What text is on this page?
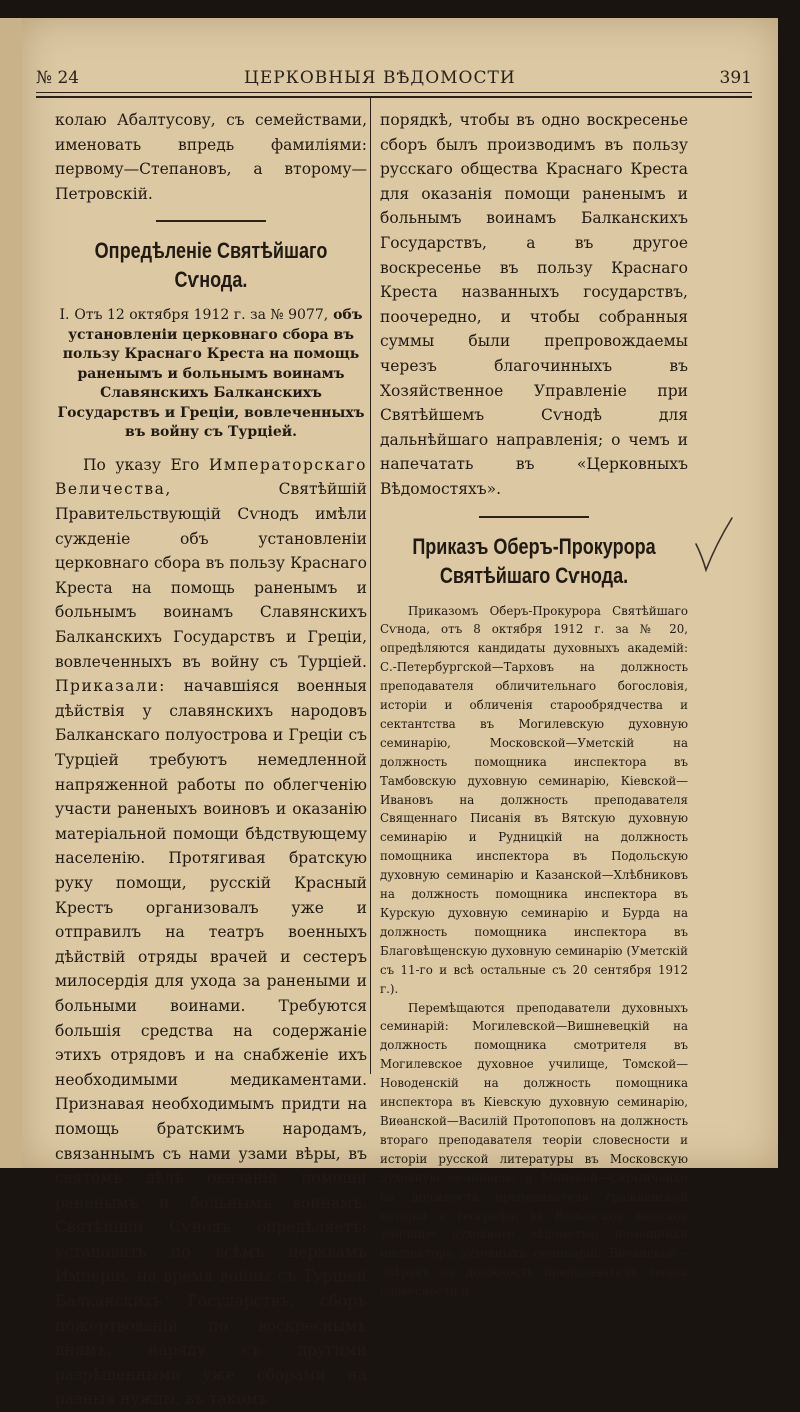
№ 24	ЦЕРКОВНЫЯ ВѢДОМОСТИ	391

колаю Абалтусову, съ семействами, именовать впредь фамиліями: первому—Степановъ, а второму—Петровскій.

Опредѣленіе Святѣйшаго Сѵнода.

I. Отъ 12 октября 1912 г. за № 9077, объ установленіи церковнаго сбора въ пользу Краснаго Креста на помощь раненымъ и больнымъ воинамъ Славянскихъ Балканскихъ Государствъ и Греціи, вовлеченныхъ въ войну съ Турціей.

По указу Его Императорскаго Величества,	Святѣйшій Правительствующій Сѵнодъ имѣли сужденіе объ установленіи церковнаго сбора въ пользу Краснаго Креста на помощь раненымъ и больнымъ воинамъ Славянскихъ Балканскихъ Государствъ и Греціи, вовлеченныхъ въ войну съ Турціей. Приказали: начавшіяся военныя дѣйствія у славянскихъ народовъ Балканскаго полуострова и Греціи съ Турціей требуютъ немедленной напряженной работы по облегченію участи раненыхъ воиновъ и оказанію матеріальной помощи бѣдствующему населенію. Протягивая братскую руку помощи, русскій Красный Крестъ организовалъ уже и отправилъ на театръ военныхъ дѣйствій отряды врачей и сестеръ милосердія для ухода за ранеными и больными воинами. Требуются большія средства на содержаніе этихъ отрядовъ и на снабженіе ихъ необходимыми медикаментами. Признавая необходимымъ придти на помощь братскимъ народамъ, связаннымъ съ нами узами вѣры, въ святомъ дѣлѣ оказанія помощи раненымъ и больнымъ воинамъ, Святѣйшій Сѵнодъ опредѣляетъ: установить по всѣмъ церквамъ Имперіи, на время войны съ Турціей Балканскихъ Государствъ, сборъ пожертвованій по воскреснымъ днямъ, наряду съ другими разрѣшенными уже сборами на разныя нужды, въ такомъ

порядкѣ, чтобы въ одно воскресенье сборъ былъ производимъ въ пользу русскаго общества Краснаго Креста для оказанія помощи раненымъ и больнымъ воинамъ Балканскихъ Государствъ, а въ другое воскресенье въ пользу Краснаго Креста названныхъ государствъ, поочередно, и чтобы собранныя суммы были препровождаемы черезъ благочинныхъ въ Хозяйственное Управленіе при Святѣйшемъ Сѵнодѣ для дальнѣйшаго направленія; о чемъ и напечатать въ «Церковныхъ Вѣдомостяхъ».

Приказъ Оберъ-Прокурора Святѣйшаго Сѵнода.

Приказомъ Оберъ-Прокурора Святѣйшаго Сѵнода, отъ 8 октября 1912 г. за № 20, опредѣляются кандидаты духовныхъ академій: С.-Петербургской—Тарховъ на должность преподавателя обличительнаго богословія, исторіи и обличенія старообрядчества и сектантства въ Могилевскую духовную семинарію, Московской—Уметскій на должность помощника инспектора въ Тамбовскую духовную семинарію, Кіевской—Ивановъ на должность преподавателя Священнаго Писанія въ Вятскую духовную семинарію и Рудницкій на должность помощника инспектора въ Подольскую духовную семинарію и Казанской—Хлѣбниковъ на должность помощника инспектора въ Курскую духовную семинарію и Бурда на должность помощника инспектора въ Благовѣщенскую духовную семинарію (Уметскій съ 11-го и всѣ остальные съ 20 сентября 1912 г.).

Перемѣщаются преподаватели духовныхъ семинарій: Могилевской—Вишневецкій на должность помощника смотрителя въ Могилевское духовное училище, Томской—Новоденскій на должность помощника инспектора въ Кіевскую духовную семинарію, Виѳанской—Василій Протопоповъ на должность втораго преподавателя теоріи словесности и исторіи русской литературы въ Московскую духовную семинарію и Минской—Скрынченко на должность преподавателя гражданской исторіи и географіи въ Волынское женское училище духовнаго вѣдомства; помощники инспектора духовныхъ семинарій: Виѳанской—Звѣревъ на должность преподавателя теоріи словесности и
